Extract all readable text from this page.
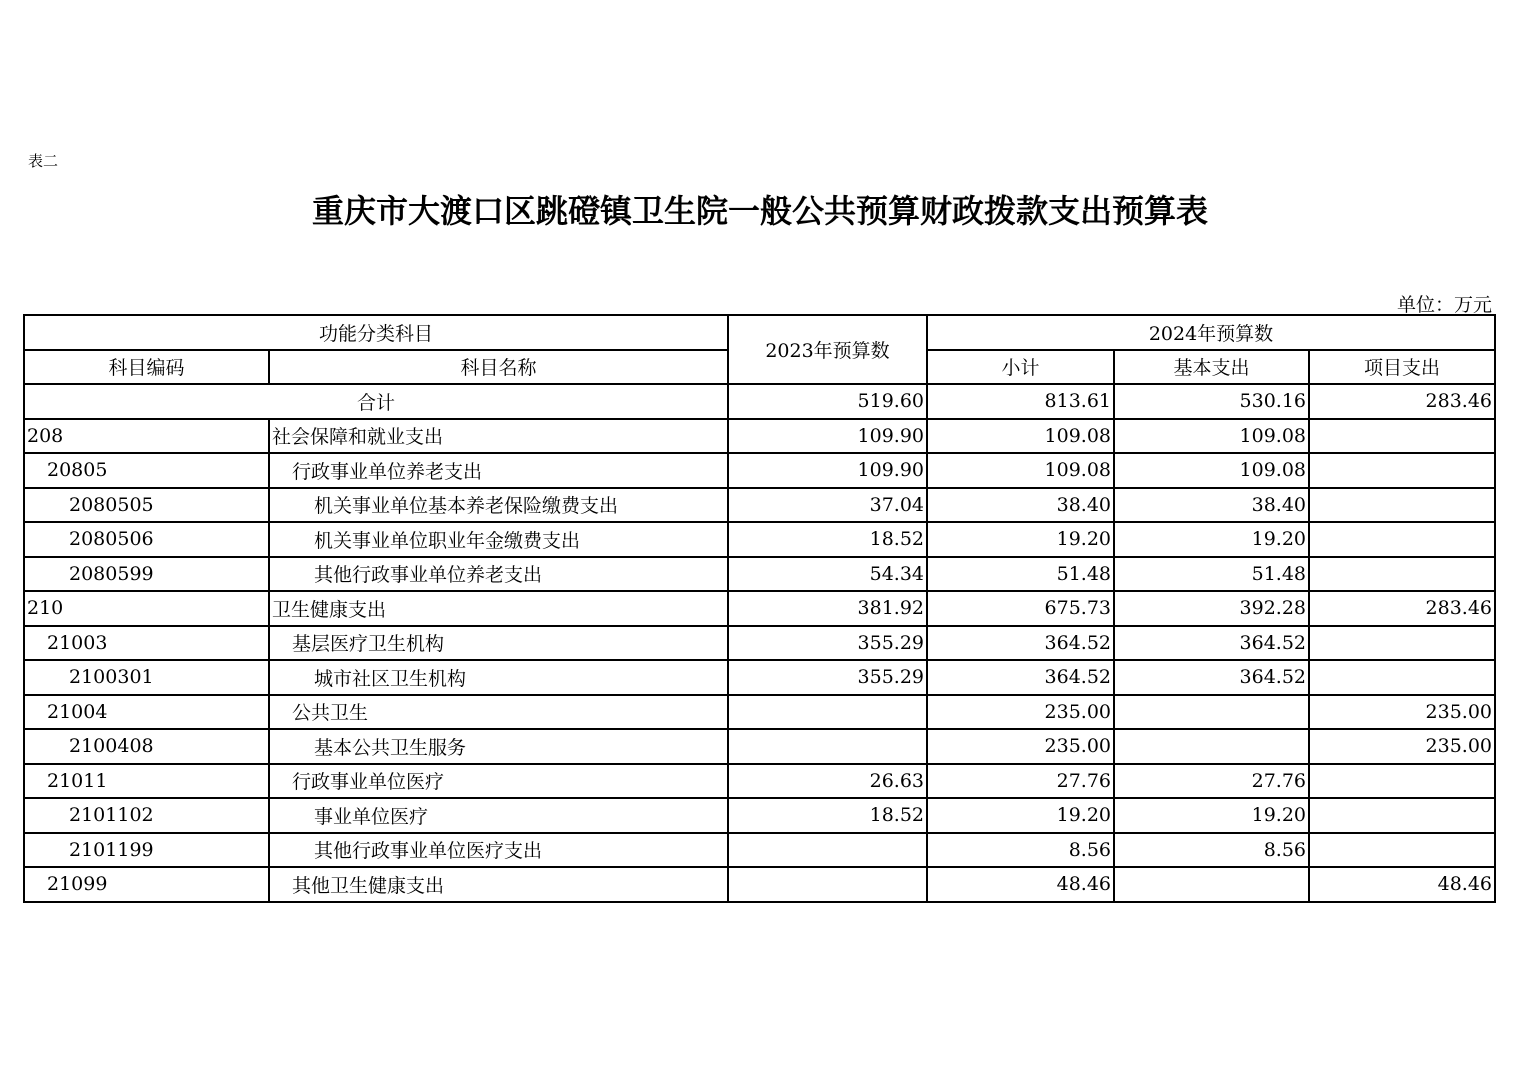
表二
重庆市大渡口区跳磴镇卫生院一般公共预算财政拨款支出预算表
单位：万元
功能分类科目		2023年预算数	2024年预算数		
科目编码	科目名称		小计	基本支出	项目支出
合计		519.60	813.61	530.16	283.46
208	社会保障和就业支出	109.90	109.08	109.08	
20805	行政事业单位养老支出	109.90	109.08	109.08	
2080505	机关事业单位基本养老保险缴费支出	37.04	38.40	38.40	
2080506	机关事业单位职业年金缴费支出	18.52	19.20	19.20	
2080599	其他行政事业单位养老支出	54.34	51.48	51.48	
210	卫生健康支出	381.92	675.73	392.28	283.46
21003	基层医疗卫生机构	355.29	364.52	364.52	
2100301	城市社区卫生机构	355.29	364.52	364.52	
21004	公共卫生		235.00		235.00
2100408	基本公共卫生服务		235.00		235.00
21011	行政事业单位医疗	26.63	27.76	27.76	
2101102	事业单位医疗	18.52	19.20	19.20	
2101199	其他行政事业单位医疗支出		8.56	8.56	
21099	其他卫生健康支出		48.46		48.46
